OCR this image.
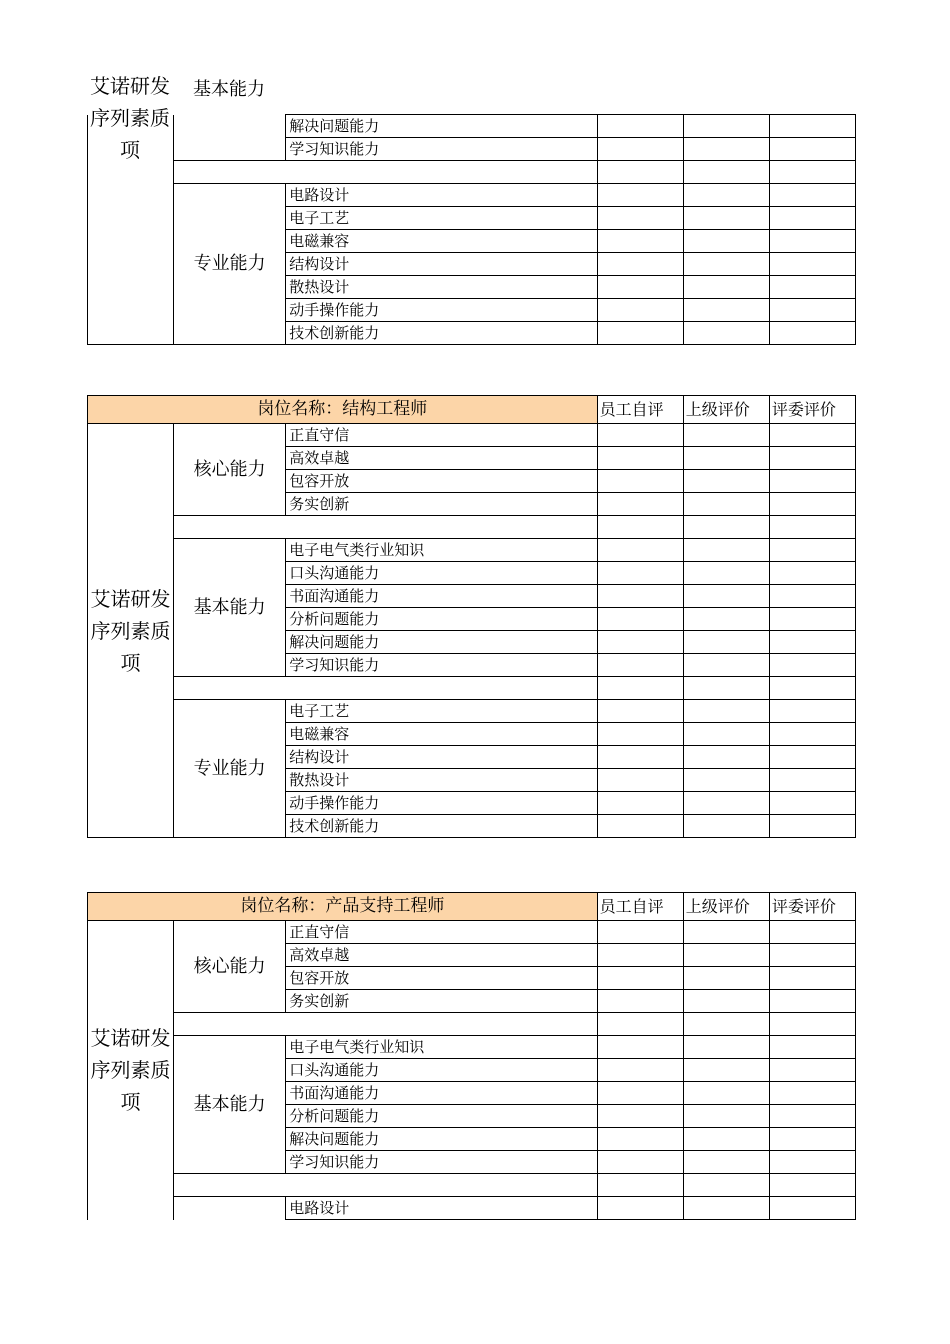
艾诺研发序列素质项
基本能力
		解决问题能力			
		学习知识能力			

	专业能力	电路设计			
		电子工艺			
		电磁兼容			
		结构设计			
		散热设计			
		动手操作能力			
		技术创新能力			
岗位名称：结构工程师			员工自评	上级评价	评委评价
艾诺研发序列素质项	核心能力	正直守信			
		高效卓越			
		包容开放			
		务实创新			

	基本能力	电子电气类行业知识			
		口头沟通能力			
		书面沟通能力			
		分析问题能力			
		解决问题能力			
		学习知识能力			

	专业能力	电子工艺			
		电磁兼容			
		结构设计			
		散热设计			
		动手操作能力			
		技术创新能力			
岗位名称：产品支持工程师			员工自评	上级评价	评委评价
艾诺研发序列素质项	核心能力	正直守信			
		高效卓越			
		包容开放			
		务实创新			

	基本能力	电子电气类行业知识			
		口头沟通能力			
		书面沟通能力			
		分析问题能力			
		解决问题能力			
		学习知识能力			

		电路设计			
